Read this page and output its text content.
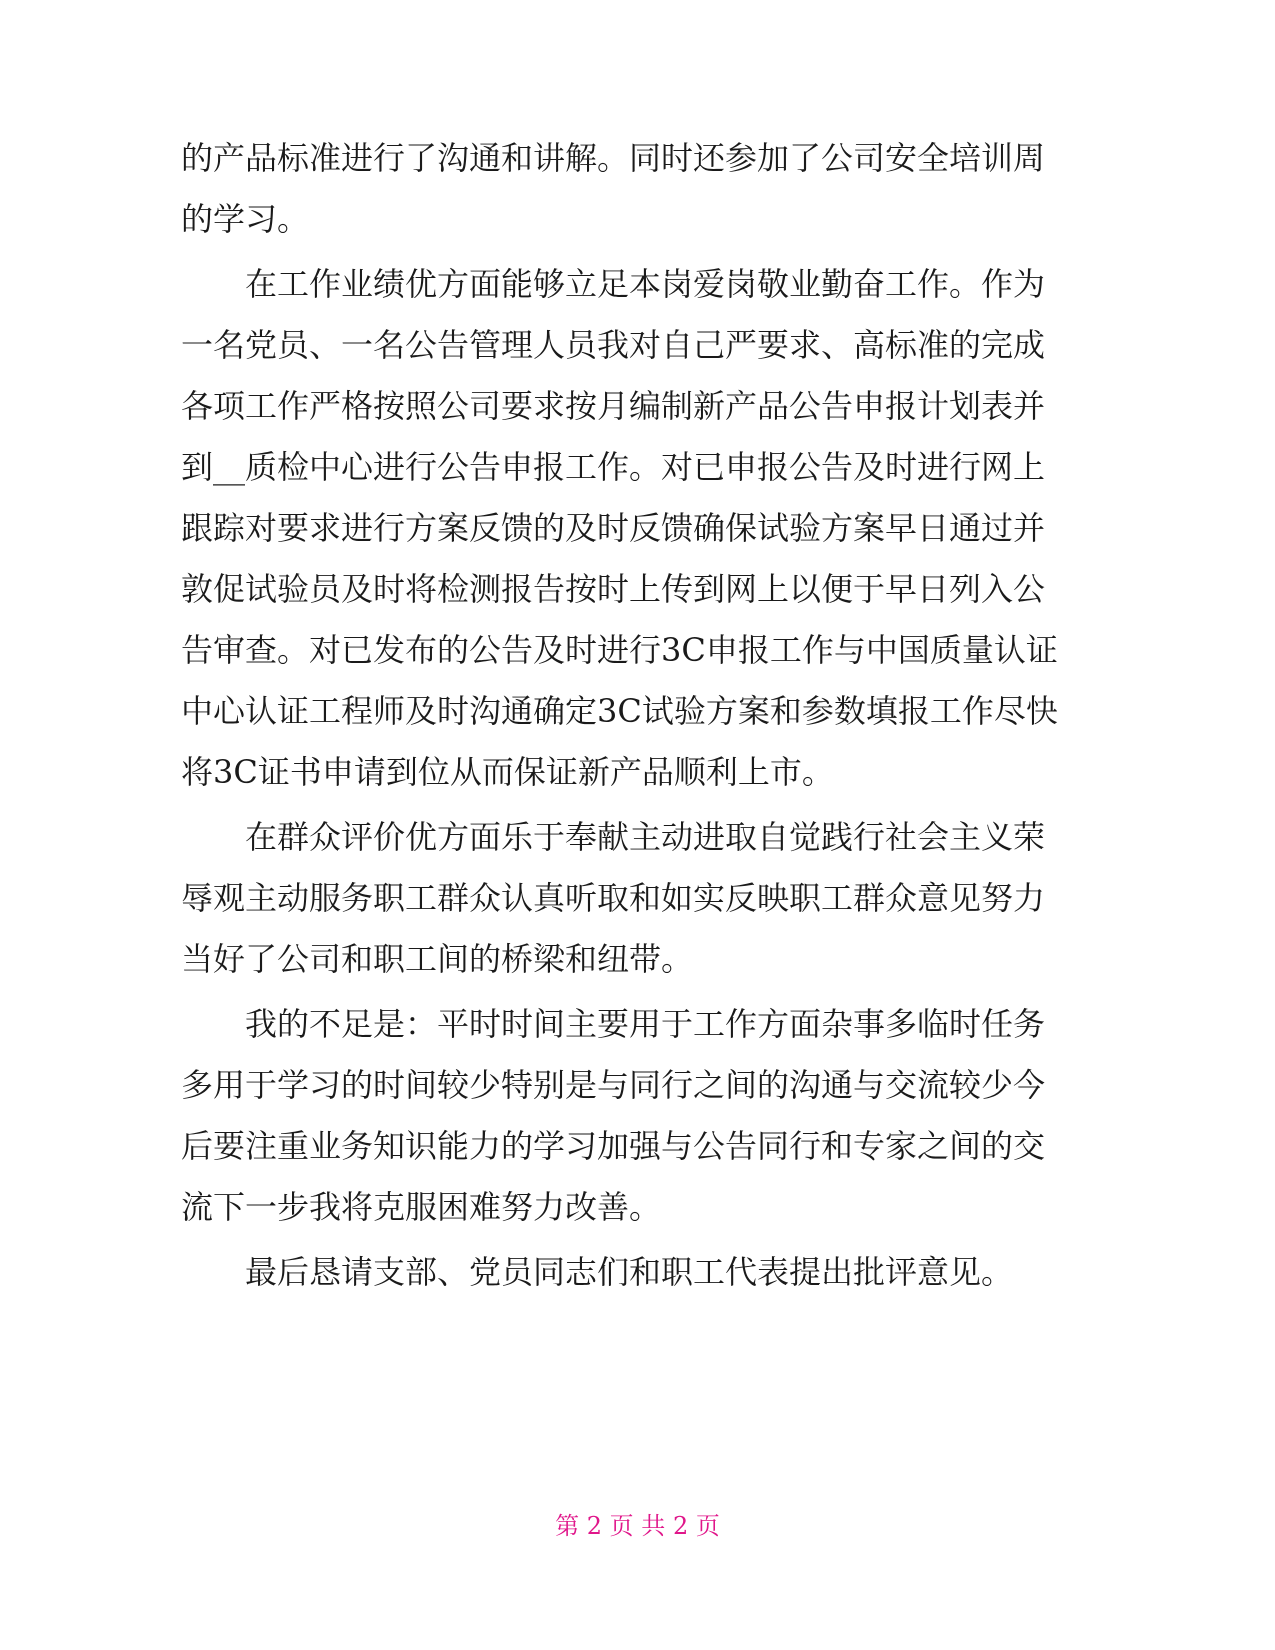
的产品标准进行了沟通和讲解。同时还参加了公司安全培训周
的学习。
　　在工作业绩优方面能够立足本岗爱岗敬业勤奋工作。作为
一名党员、一名公告管理人员我对自己严要求、高标准的完成
各项工作严格按照公司要求按月编制新产品公告申报计划表并
到__质检中心进行公告申报工作。对已申报公告及时进行网上
跟踪对要求进行方案反馈的及时反馈确保试验方案早日通过并
敦促试验员及时将检测报告按时上传到网上以便于早日列入公
告审查。对已发布的公告及时进行3C申报工作与中国质量认证
中心认证工程师及时沟通确定3C试验方案和参数填报工作尽快
将3C证书申请到位从而保证新产品顺利上市。
　　在群众评价优方面乐于奉献主动进取自觉践行社会主义荣
辱观主动服务职工群众认真听取和如实反映职工群众意见努力
当好了公司和职工间的桥梁和纽带。
　　我的不足是：平时时间主要用于工作方面杂事多临时任务
多用于学习的时间较少特别是与同行之间的沟通与交流较少今
后要注重业务知识能力的学习加强与公告同行和专家之间的交
流下一步我将克服困难努力改善。
　　最后恳请支部、党员同志们和职工代表提出批评意见。
第 2 页 共 2 页
